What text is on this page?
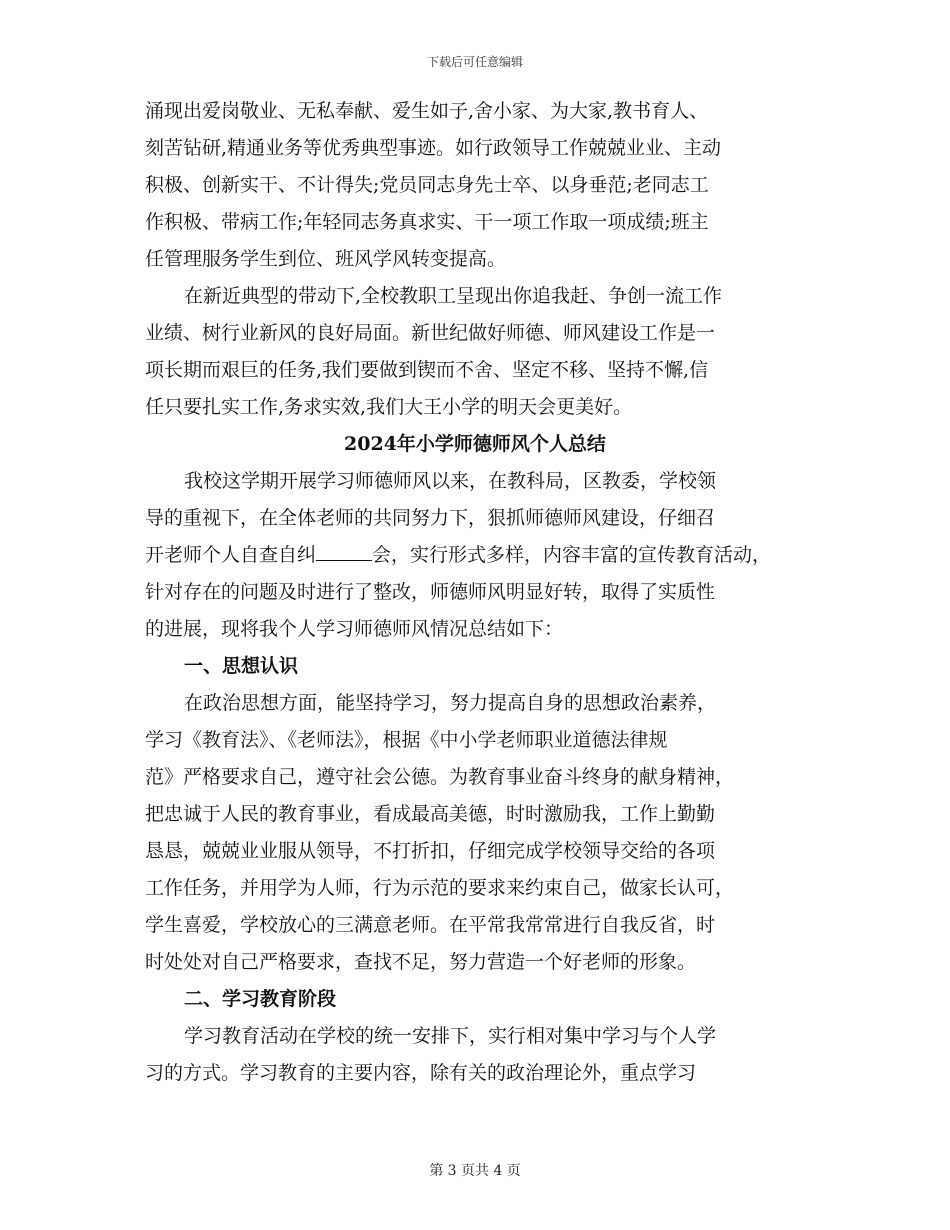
下载后可任意编辑
涌现出爱岗敬业、无私奉献、爱生如子,舍小家、为大家,教书育人、
刻苦钻研,精通业务等优秀典型事迹。如行政领导工作兢兢业业、主动
积极、创新实干、不计得失;党员同志身先士卒、以身垂范;老同志工
作积极、带病工作;年轻同志务真求实、干一项工作取一项成绩;班主
任管理服务学生到位、班风学风转变提高。
在新近典型的带动下,全校教职工呈现出你追我赶、争创一流工作
业绩、树行业新风的良好局面。新世纪做好师德、师风建设工作是一
项长期而艰巨的任务,我们要做到锲而不舍、坚定不移、坚持不懈,信
任只要扎实工作,务求实效,我们大王小学的明天会更美好。
2024年小学师德师风个人总结
我校这学期开展学习师德师风以来，在教科局，区教委，学校领
导的重视下，在全体老师的共同努力下，狠抓师德师风建设，仔细召
开老师个人自查自纠	会，实行形式多样，内容丰富的宣传教育活动，
针对存在的问题及时进行了整改，师德师风明显好转，取得了实质性
的进展，现将我个人学习师德师风情况总结如下：
一、思想认识
在政治思想方面，能坚持学习，努力提高自身的思想政治素养，
学习《教育法》、《老师法》，根据《中小学老师职业道德法律规
范》严格要求自己，遵守社会公德。为教育事业奋斗终身的献身精神，
把忠诚于人民的教育事业，看成最高美德，时时激励我，工作上勤勤
恳恳，兢兢业业服从领导，不打折扣，仔细完成学校领导交给的各项
工作任务，并用学为人师，行为示范的要求来约束自己，做家长认可，
学生喜爱，学校放心的三满意老师。在平常我常常进行自我反省，时
时处处对自己严格要求，查找不足，努力营造一个好老师的形象。
二、学习教育阶段
学习教育活动在学校的统一安排下，实行相对集中学习与个人学
习的方式。学习教育的主要内容，除有关的政治理论外，重点学习
第 3 页共 4 页
